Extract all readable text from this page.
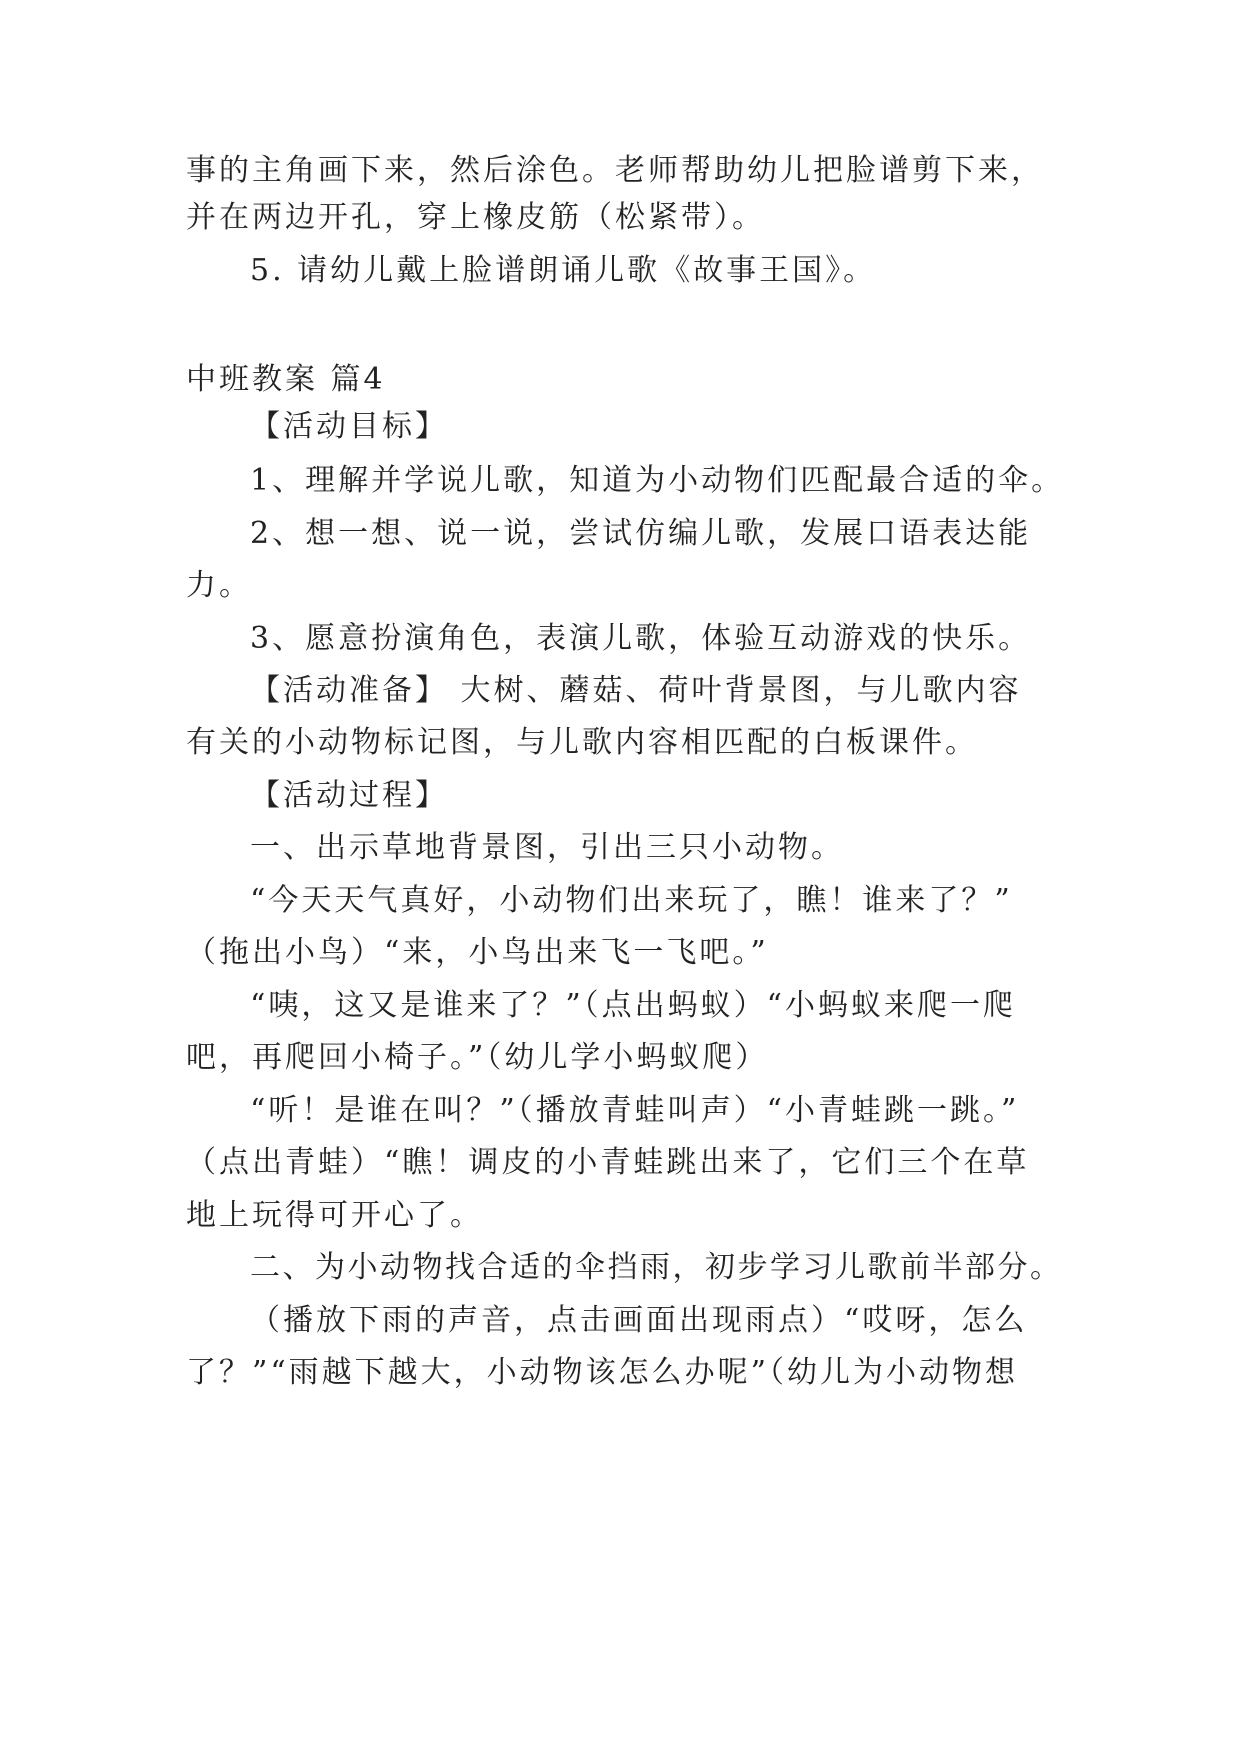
事的主角画下来，然后涂色。老师帮助幼儿把脸谱剪下来，
并在两边开孔，穿上橡皮筋（松紧带）。
5. 请幼儿戴上脸谱朗诵儿歌《故事王国》。
中班教案 篇4
【活动目标】
1、理解并学说儿歌，知道为小动物们匹配最合适的伞。
2、想一想、说一说，尝试仿编儿歌，发展口语表达能
力。
3、愿意扮演角色，表演儿歌，体验互动游戏的快乐。
【活动准备】 大树、蘑菇、荷叶背景图，与儿歌内容
有关的小动物标记图，与儿歌内容相匹配的白板课件。
【活动过程】
一、出示草地背景图，引出三只小动物。
“今天天气真好，小动物们出来玩了，瞧！谁来了？”
（拖出小鸟）“来，小鸟出来飞一飞吧。”
“咦，这又是谁来了？”（点出蚂蚁）“小蚂蚁来爬一爬
吧，再爬回小椅子。”（幼儿学小蚂蚁爬）
“听！是谁在叫？”（播放青蛙叫声）“小青蛙跳一跳。”
（点出青蛙）“瞧！调皮的小青蛙跳出来了，它们三个在草
地上玩得可开心了。
二、为小动物找合适的伞挡雨，初步学习儿歌前半部分。
（播放下雨的声音，点击画面出现雨点）“哎呀，怎么
了？”“雨越下越大，小动物该怎么办呢”（幼儿为小动物想
